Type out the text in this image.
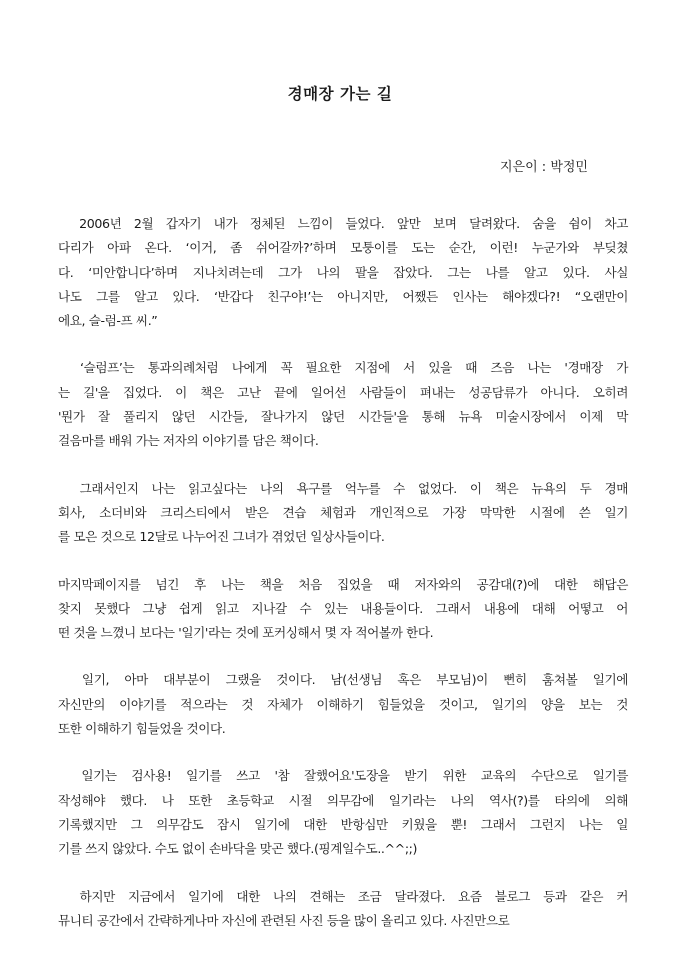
경매장 가는 길
지은이 : 박정민

　2006년 2월 갑자기 내가 정체된 느낌이 들었다. 앞만 보며 달려왔다. 숨을 쉼이 차고
다리가 아파 온다. ‘이거, 좀 쉬어갈까?’하며 모퉁이를 도는 순간, 이런! 누군가와 부딪쳤
다. ‘미안합니다’하며 지나치려는데 그가 나의 팔을 잡았다. 그는 나를 알고 있다. 사실
나도 그를 알고 있다. ‘반갑다 친구야!’는 아니지만, 어쨌든 인사는 해야겠다?! “오랜만이
에요, 슬-럼-프 씨.”

　‘슬럼프’는 통과의례처럼 나에게 꼭 필요한 지점에 서 있을 때 즈음 나는 '경매장 가
는 길'을 집었다. 이 책은 고난 끝에 일어선 사람들이 펴내는 성공담류가 아니다. 오히려
'뭔가 잘 풀리지 않던 시간들, 잘나가지 않던 시간들'을 통해 뉴욕 미술시장에서 이제 막
걸음마를 배워 가는 저자의 이야기를 담은 책이다.

　그래서인지 나는 읽고싶다는 나의 욕구를 억누를 수 없었다. 이 책은 뉴욕의 두 경매
회사, 소더비와 크리스티에서 받은 견습 체험과 개인적으로 가장 막막한 시절에 쓴 일기
를 모은 것으로 12달로 나누어진 그녀가 겪었던 일상사들이다.

마지막페이지를 넘긴 후 나는 책을 처음 집었을 때 저자와의 공감대(?)에 대한 해답은
찾지 못했다 그냥 쉽게 읽고 지나갈 수 있는 내용들이다. 그래서 내용에 대해 어떻고 어
떤 것을 느꼈니 보다는 '일기'라는 것에 포커싱해서 몇 자 적어볼까 한다.

　일기, 아마 대부분이 그랬을 것이다. 남(선생님 혹은 부모님)이 뻔히 훔쳐볼 일기에
자신만의 이야기를 적으라는 것 자체가 이해하기 힘들었을 것이고, 일기의 양을 보는 것
또한 이해하기 힘들었을 것이다.

　일기는 검사용! 일기를 쓰고 '참 잘했어요'도장을 받기 위한 교육의 수단으로 일기를
작성해야 했다. 나 또한 초등학교 시절 의무감에 일기라는 나의 역사(?)를 타의에 의해
기록했지만 그 의무감도 잠시 일기에 대한 반항심만 키웠을 뿐! 그래서 그런지 나는 일
기를 쓰지 않았다. 수도 없이 손바닥을 맞곤 했다.(핑계일수도..^^;;)

　하지만 지금에서 일기에 대한 나의 견해는 조금 달라졌다. 요즘 블로그 등과 같은 커
뮤니티 공간에서 간략하게나마 자신에 관련된 사진 등을 많이 올리고 있다. 사진만으로
